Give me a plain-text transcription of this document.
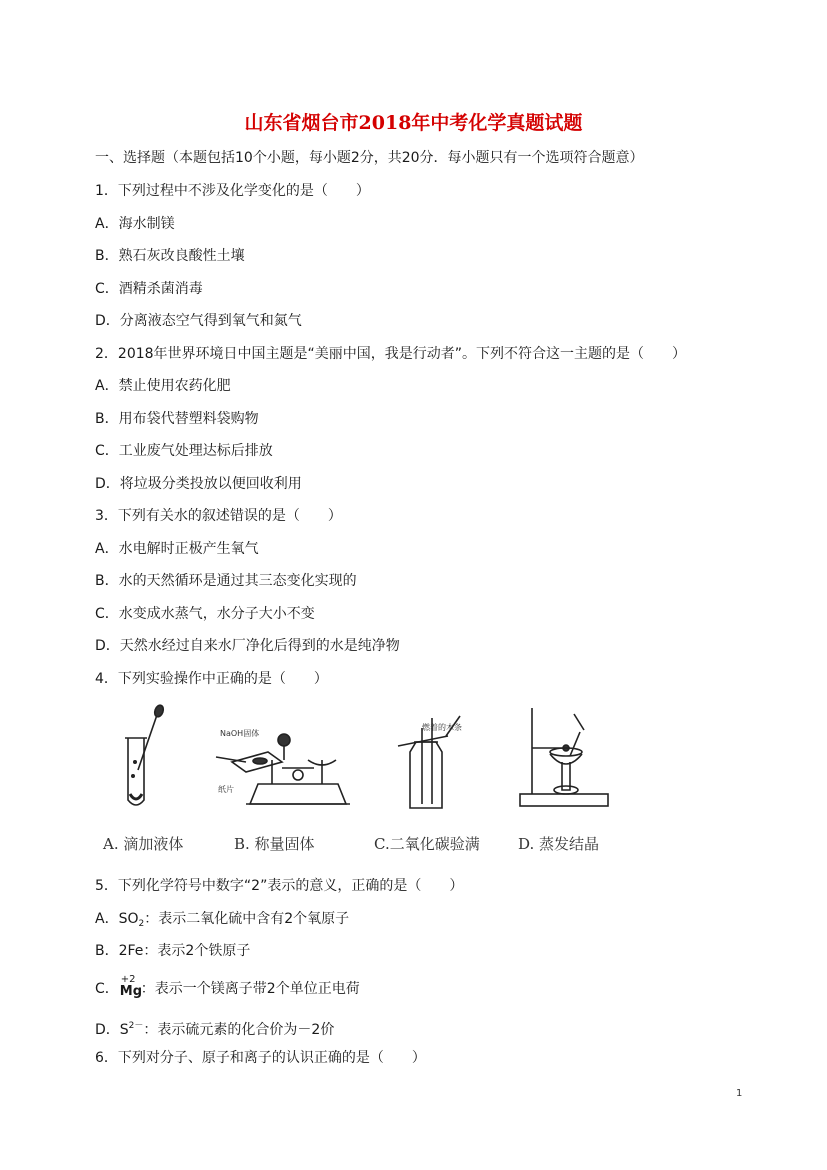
山东省烟台市2018年中考化学真题试题
一、选择题（本题包括10个小题，每小题2分，共20分．每小题只有一个选项符合题意）
1．下列过程中不涉及化学变化的是（　　）
A．海水制镁
B．熟石灰改良酸性土壤
C．酒精杀菌消毒
D．分离液态空气得到氧气和氮气
2．2018年世界环境日中国主题是“美丽中国，我是行动者”。下列不符合这一主题的是（　　）
A．禁止使用农药化肥
B．用布袋代替塑料袋购物
C．工业废气处理达标后排放
D．将垃圾分类投放以便回收利用
3．下列有关水的叙述错误的是（　　）
A．水电解时正极产生氧气
B．水的天然循环是通过其三态变化实现的
C．水变成水蒸气，水分子大小不变
D．天然水经过自来水厂净化后得到的水是纯净物
4．下列实验操作中正确的是（　　）
NaOH固体
纸片
燃着的木条
A. 滴加液体	B. 称量固体	C.二氧化碳验满	D. 蒸发结晶
5．下列化学符号中数字“2”表示的意义，正确的是（　　）
A．$SO_2$：表示二氧化硫中含有2个氧原子
B．2Fe：表示2个铁原子
C．
+2
Mg
：表示一个镁离子带2个单位正电荷
D．$S^{2-}$：表示硫元素的化合价为－2价
6．下列对分子、原子和离子的认识正确的是（　　）
1
